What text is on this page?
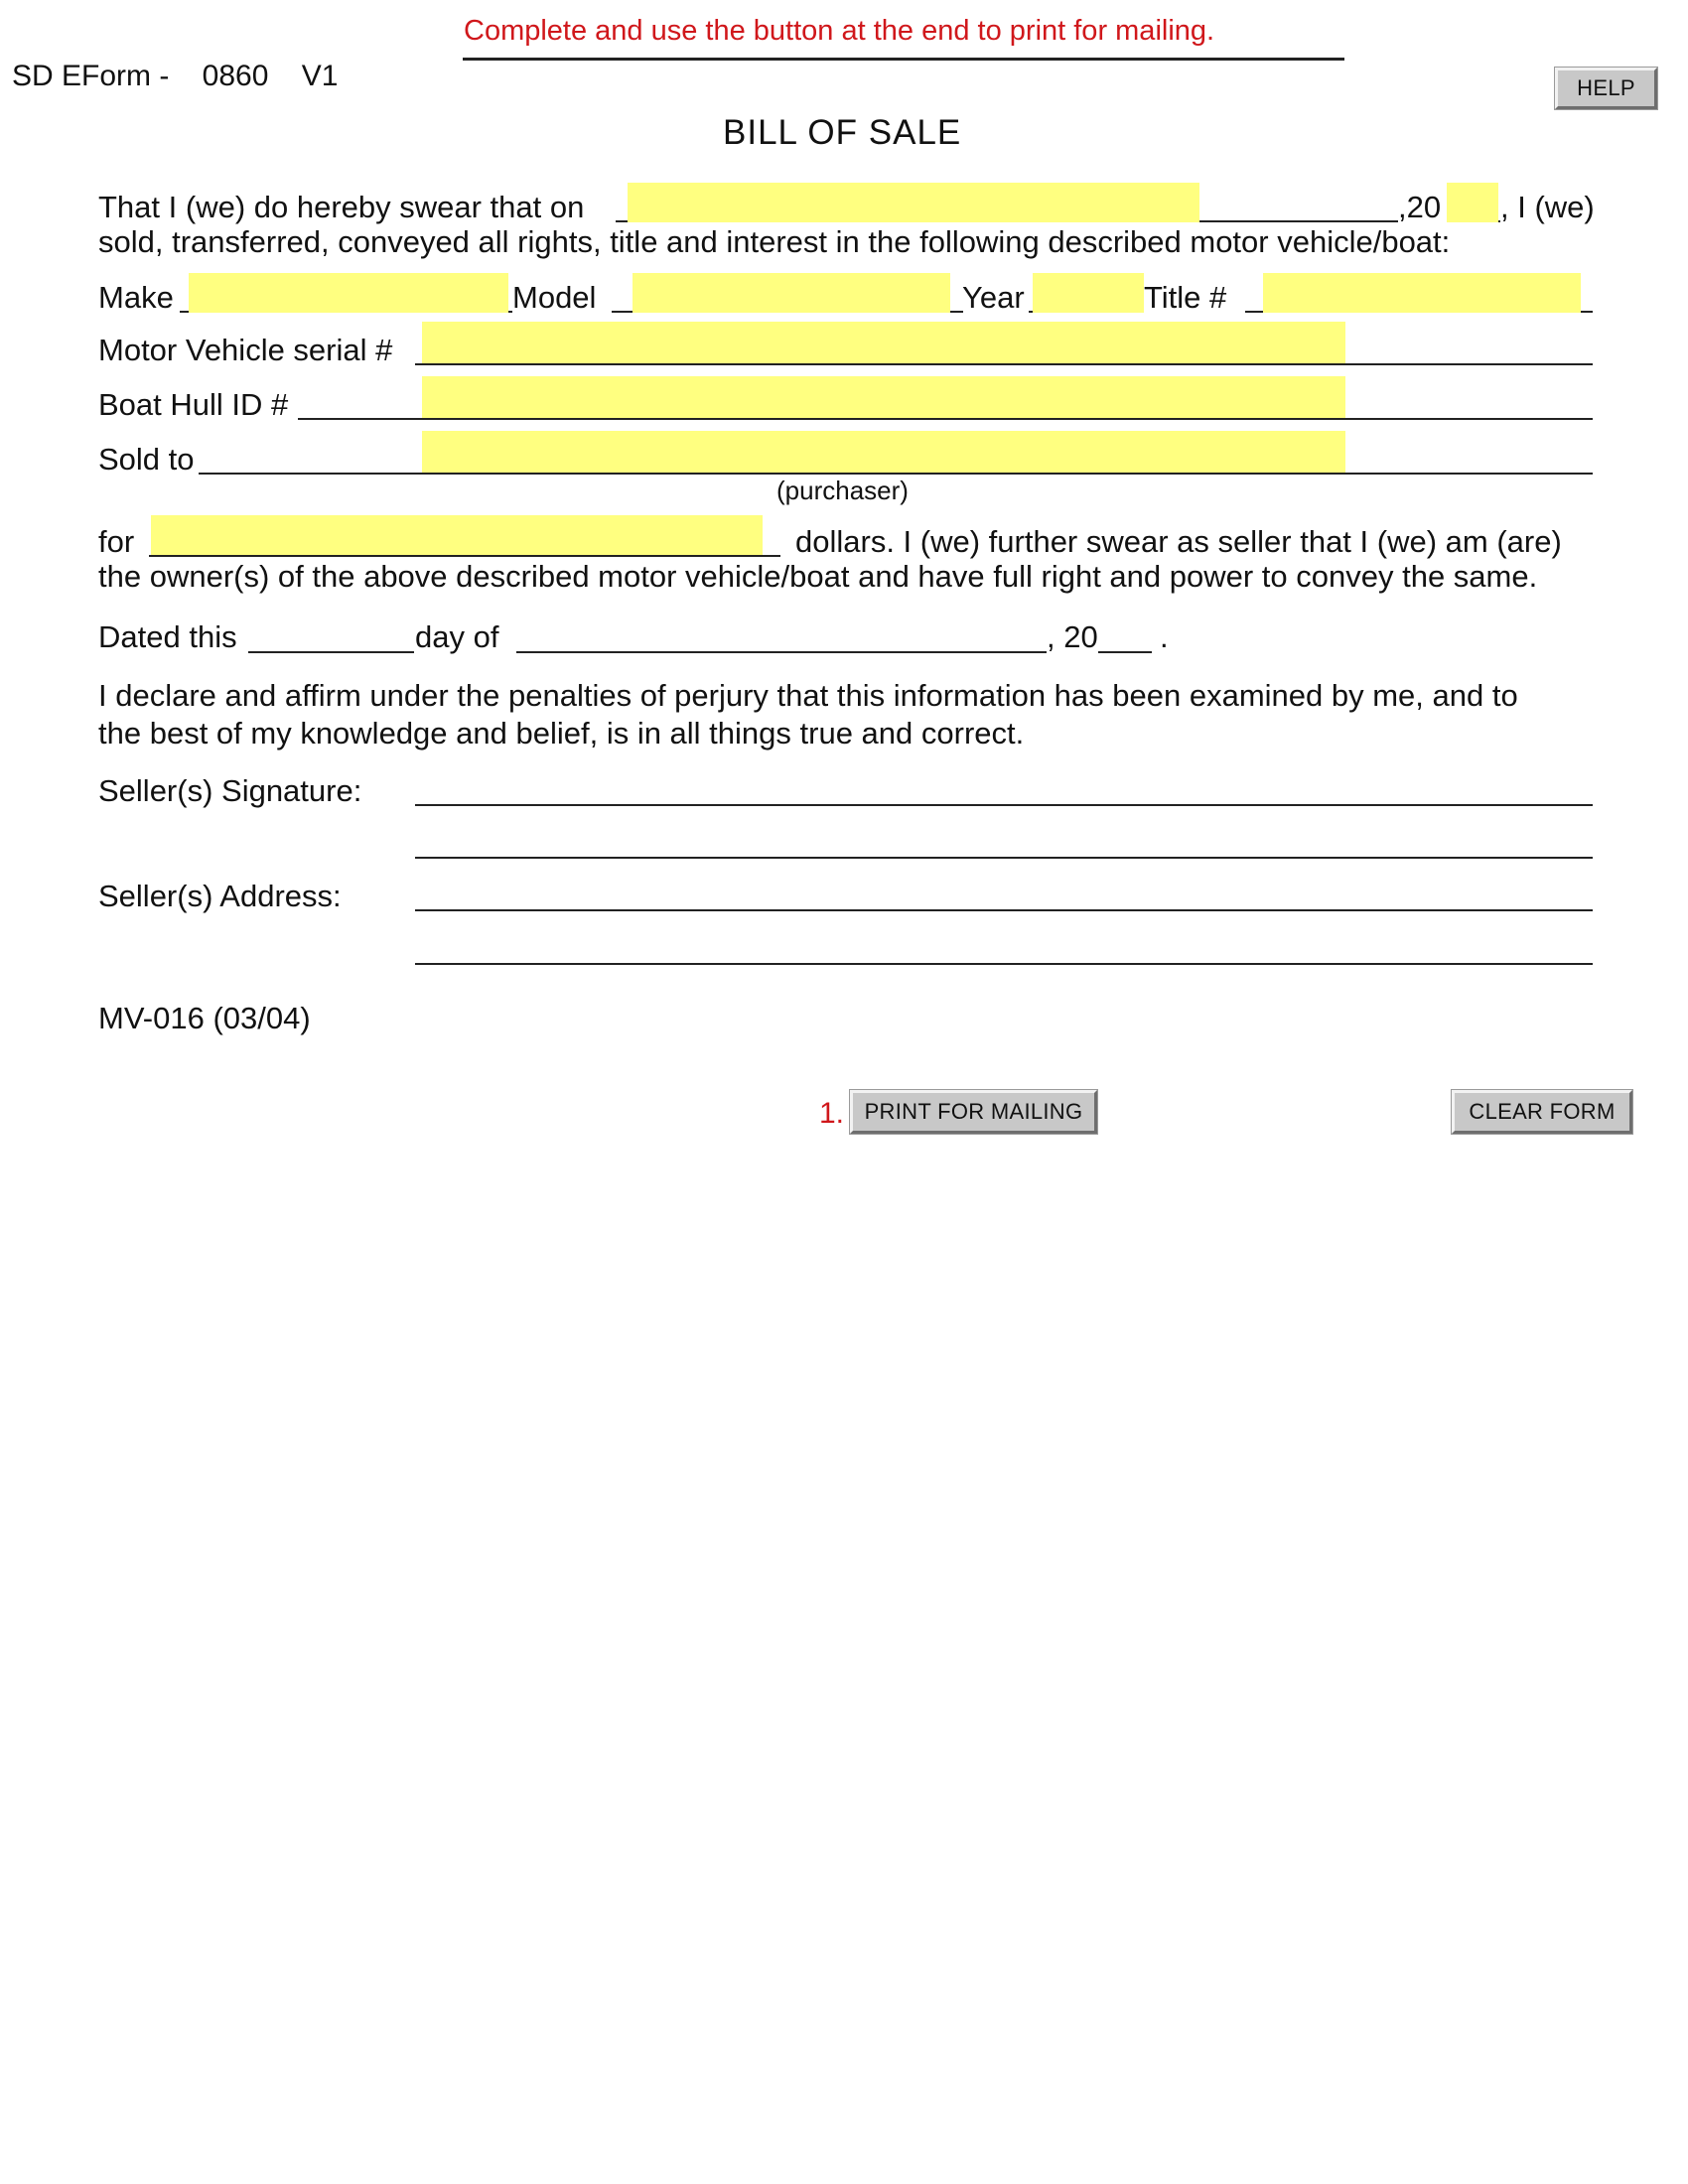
Complete and use the button at the end to print for mailing.
SD EForm -    0860    V1	HELP
BILL OF SALE
That I (we) do hereby swear that on	,20 , I (we)
sold, transferred, conveyed all rights, title and interest in the following described motor vehicle/boat:
Make	Model	Year	Title #
Motor Vehicle serial #
Boat Hull ID #
Sold to
(purchaser)
for	dollars. I (we) further swear as seller that I (we) am (are)
the owner(s) of the above described motor vehicle/boat and have full right and power to convey the same.
Dated this	day of	, 20 .
I declare and affirm under the penalties of perjury that this information has been examined by me, and to
the best of my knowledge and belief, is in all things true and correct.
Seller(s) Signature:
Seller(s) Address:
MV-016 (03/04)
1. PRINT FOR MAILING	CLEAR FORM
